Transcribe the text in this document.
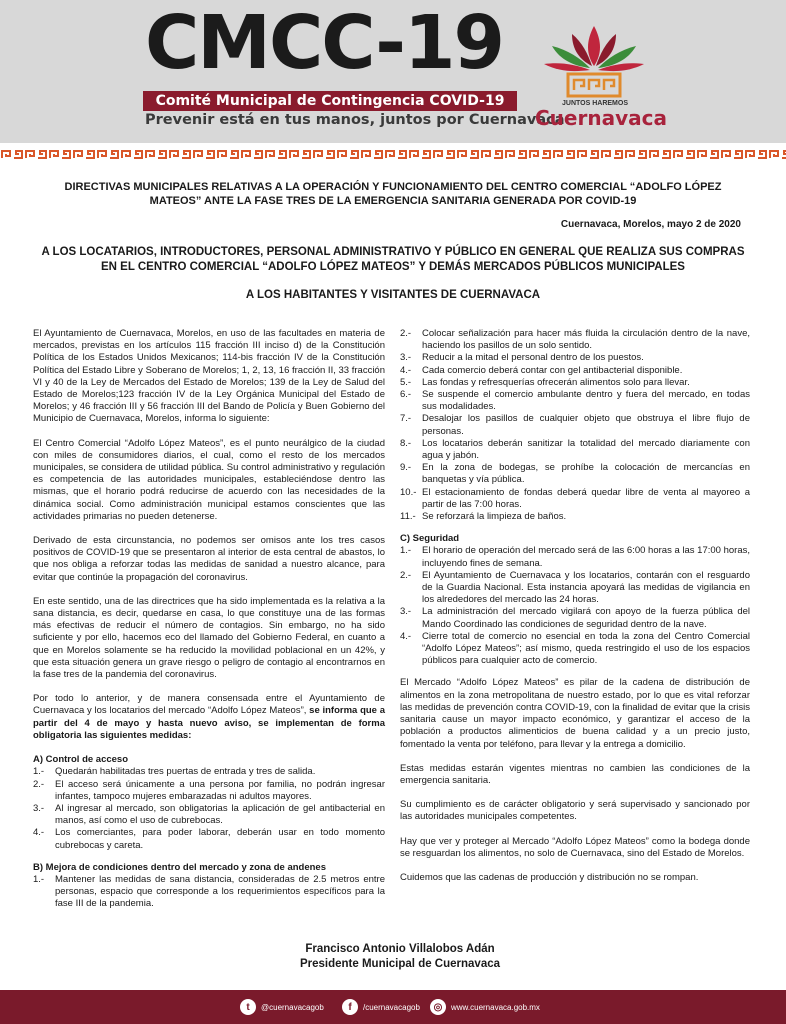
CMCC-19
Comité Municipal de Contingencia COVID-19
Prevenir está en tus manos, juntos por Cuernavaca
JUNTOS HAREMOS
Cuernavaca
DIRECTIVAS MUNICIPALES RELATIVAS A LA OPERACIÓN Y FUNCIONAMIENTO DEL CENTRO COMERCIAL “ADOLFO LÓPEZ MATEOS” ANTE LA FASE TRES DE LA EMERGENCIA SANITARIA GENERADA POR COVID-19
Cuernavaca, Morelos, mayo 2 de 2020
A LOS LOCATARIOS, INTRODUCTORES, PERSONAL ADMINISTRATIVO Y PÚBLICO EN GENERAL QUE REALIZA SUS COMPRAS EN EL CENTRO COMERCIAL “ADOLFO LÓPEZ MATEOS” Y DEMÁS MERCADOS PÚBLICOS MUNICIPALES
A LOS HABITANTES Y VISITANTES DE CUERNAVACA

El Ayuntamiento de Cuernavaca, Morelos, en uso de las facultades en materia de mercados, previstas en los artículos 115 fracción III inciso d) de la Constitución Política de los Estados Unidos Mexicanos; 114-bis fracción IV de la Constitución Política del Estado Libre y Soberano de Morelos; 1, 2, 13, 16 fracción II, 33 fracción VI y 40 de la Ley de Mercados del Estado de Morelos; 139 de la Ley de Salud del Estado de Morelos;123 fracción IV de la Ley Orgánica Municipal del Estado de Morelos; y 46 fracción III y 56 fracción III del Bando de Policía y Buen Gobierno del Municipio de Cuernavaca, Morelos, informa lo siguiente:

El Centro Comercial “Adolfo López Mateos”, es el punto neurálgico de la ciudad con miles de consumidores diarios, el cual, como el resto de los mercados municipales, se considera de utilidad pública. Su control administrativo y regulación es competencia de las autoridades municipales, estableciéndose dentro las mismas, que el horario podrá reducirse de acuerdo con las necesidades de la dinámica social. Como administración municipal estamos conscientes que las actividades primarias no pueden detenerse.

Derivado de esta circunstancia, no podemos ser omisos ante los tres casos positivos de COVID-19 que se presentaron al interior de esta central de abastos, lo que nos obliga a reforzar todas las medidas de sanidad a nuestro alcance, para evitar que continúe la propagación del coronavirus.

En este sentido, una de las directrices que ha sido implementada es la relativa a la sana distancia, es decir, quedarse en casa, lo que constituye una de las formas más efectivas de reducir el número de contagios. Sin embargo, no ha sido suficiente y por ello, hacemos eco del llamado del Gobierno Federal, en cuanto a que en Morelos solamente se ha reducido la movilidad poblacional en un 42%, y que esta situación genera un grave riesgo o peligro de contagio al encontrarnos en la fase tres de la pandemia del coronavirus.

Por todo lo anterior, y de manera consensada entre el Ayuntamiento de Cuernavaca y los locatarios del mercado “Adolfo López Mateos”, se informa que a partir del 4 de mayo y hasta nuevo aviso, se implementan de forma obligatoria las siguientes medidas:

A) Control de acceso
1.-	Quedarán habilitadas tres puertas de entrada y tres de salida.
2.-	El acceso será únicamente a una persona por familia, no podrán ingresar infantes, tampoco mujeres embarazadas ni adultos mayores.
3.-	Al ingresar al mercado, son obligatorias la aplicación de gel antibacterial en manos, así como el uso de cubrebocas.
4.-	Los comerciantes, para poder laborar, deberán usar en todo momento cubrebocas y careta.
B) Mejora de condiciones dentro del mercado y zona de andenes
1.-	Mantener las medidas de sana distancia, consideradas de 2.5 metros entre personas, espacio que corresponde a los requerimientos específicos para la fase III de la pandemia.
2.-	Colocar señalización para hacer más fluida la circulación dentro de la nave, haciendo los pasillos de un solo sentido.
3.-	Reducir a la mitad el personal dentro de los puestos.
4.-	Cada comercio deberá contar con gel antibacterial disponible.
5.-	Las fondas y refresquerías ofrecerán alimentos solo para llevar.
6.-	Se suspende el comercio ambulante dentro y fuera del mercado, en todas sus modalidades.
7.-	Desalojar los pasillos de cualquier objeto que obstruya el libre flujo de personas.
8.-	Los locatarios deberán sanitizar la totalidad del mercado diariamente con agua y jabón.
9.-	En la zona de bodegas, se prohíbe la colocación de mercancías en banquetas y vía pública.
10.- El estacionamiento de fondas deberá quedar libre de venta al mayoreo a partir de las 7:00 horas.
11.- Se reforzará la limpieza de baños.
C) Seguridad
1.-	El horario de operación del mercado será de las 6:00 horas a las 17:00 horas, incluyendo fines de semana.
2.-	El Ayuntamiento de Cuernavaca y los locatarios, contarán con el resguardo de la Guardia Nacional. Esta instancia apoyará las medidas de vigilancia en los alrededores del mercado las 24 horas.
3.-	La administración del mercado vigilará con apoyo de la fuerza pública del Mando Coordinado las condiciones de seguridad dentro de la nave.
4.-	Cierre total de comercio no esencial en toda la zona del Centro Comercial “Adolfo López Mateos”; así mismo, queda restringido el uso de los espacios públicos para cualquier acto de comercio.

El Mercado “Adolfo López Mateos” es pilar de la cadena de distribución de alimentos en la zona metropolitana de nuestro estado, por lo que es vital reforzar las medidas de prevención contra COVID-19, con la finalidad de evitar que la crisis sanitaria cause un mayor impacto económico, y garantizar el acceso de la población a productos alimenticios de buena calidad y a un precio justo, fomentado la venta por teléfono, para llevar y la entrega a domicilio.

Estas medidas estarán vigentes mientras no cambien las condiciones de la emergencia sanitaria.

Su cumplimiento es de carácter obligatorio y será supervisado y sancionado por las autoridades municipales competentes.

Hay que ver y proteger al Mercado “Adolfo López Mateos” como la bodega donde se resguardan los alimentos, no solo de Cuernavaca, sino del Estado de Morelos.

Cuidemos que las cadenas de producción y distribución no se rompan.

Francisco Antonio Villalobos Adán
Presidente Municipal de Cuernavaca
t	@cuernavacagob	f	/cuernavacagob	◎	www.cuernavaca.gob.mx
